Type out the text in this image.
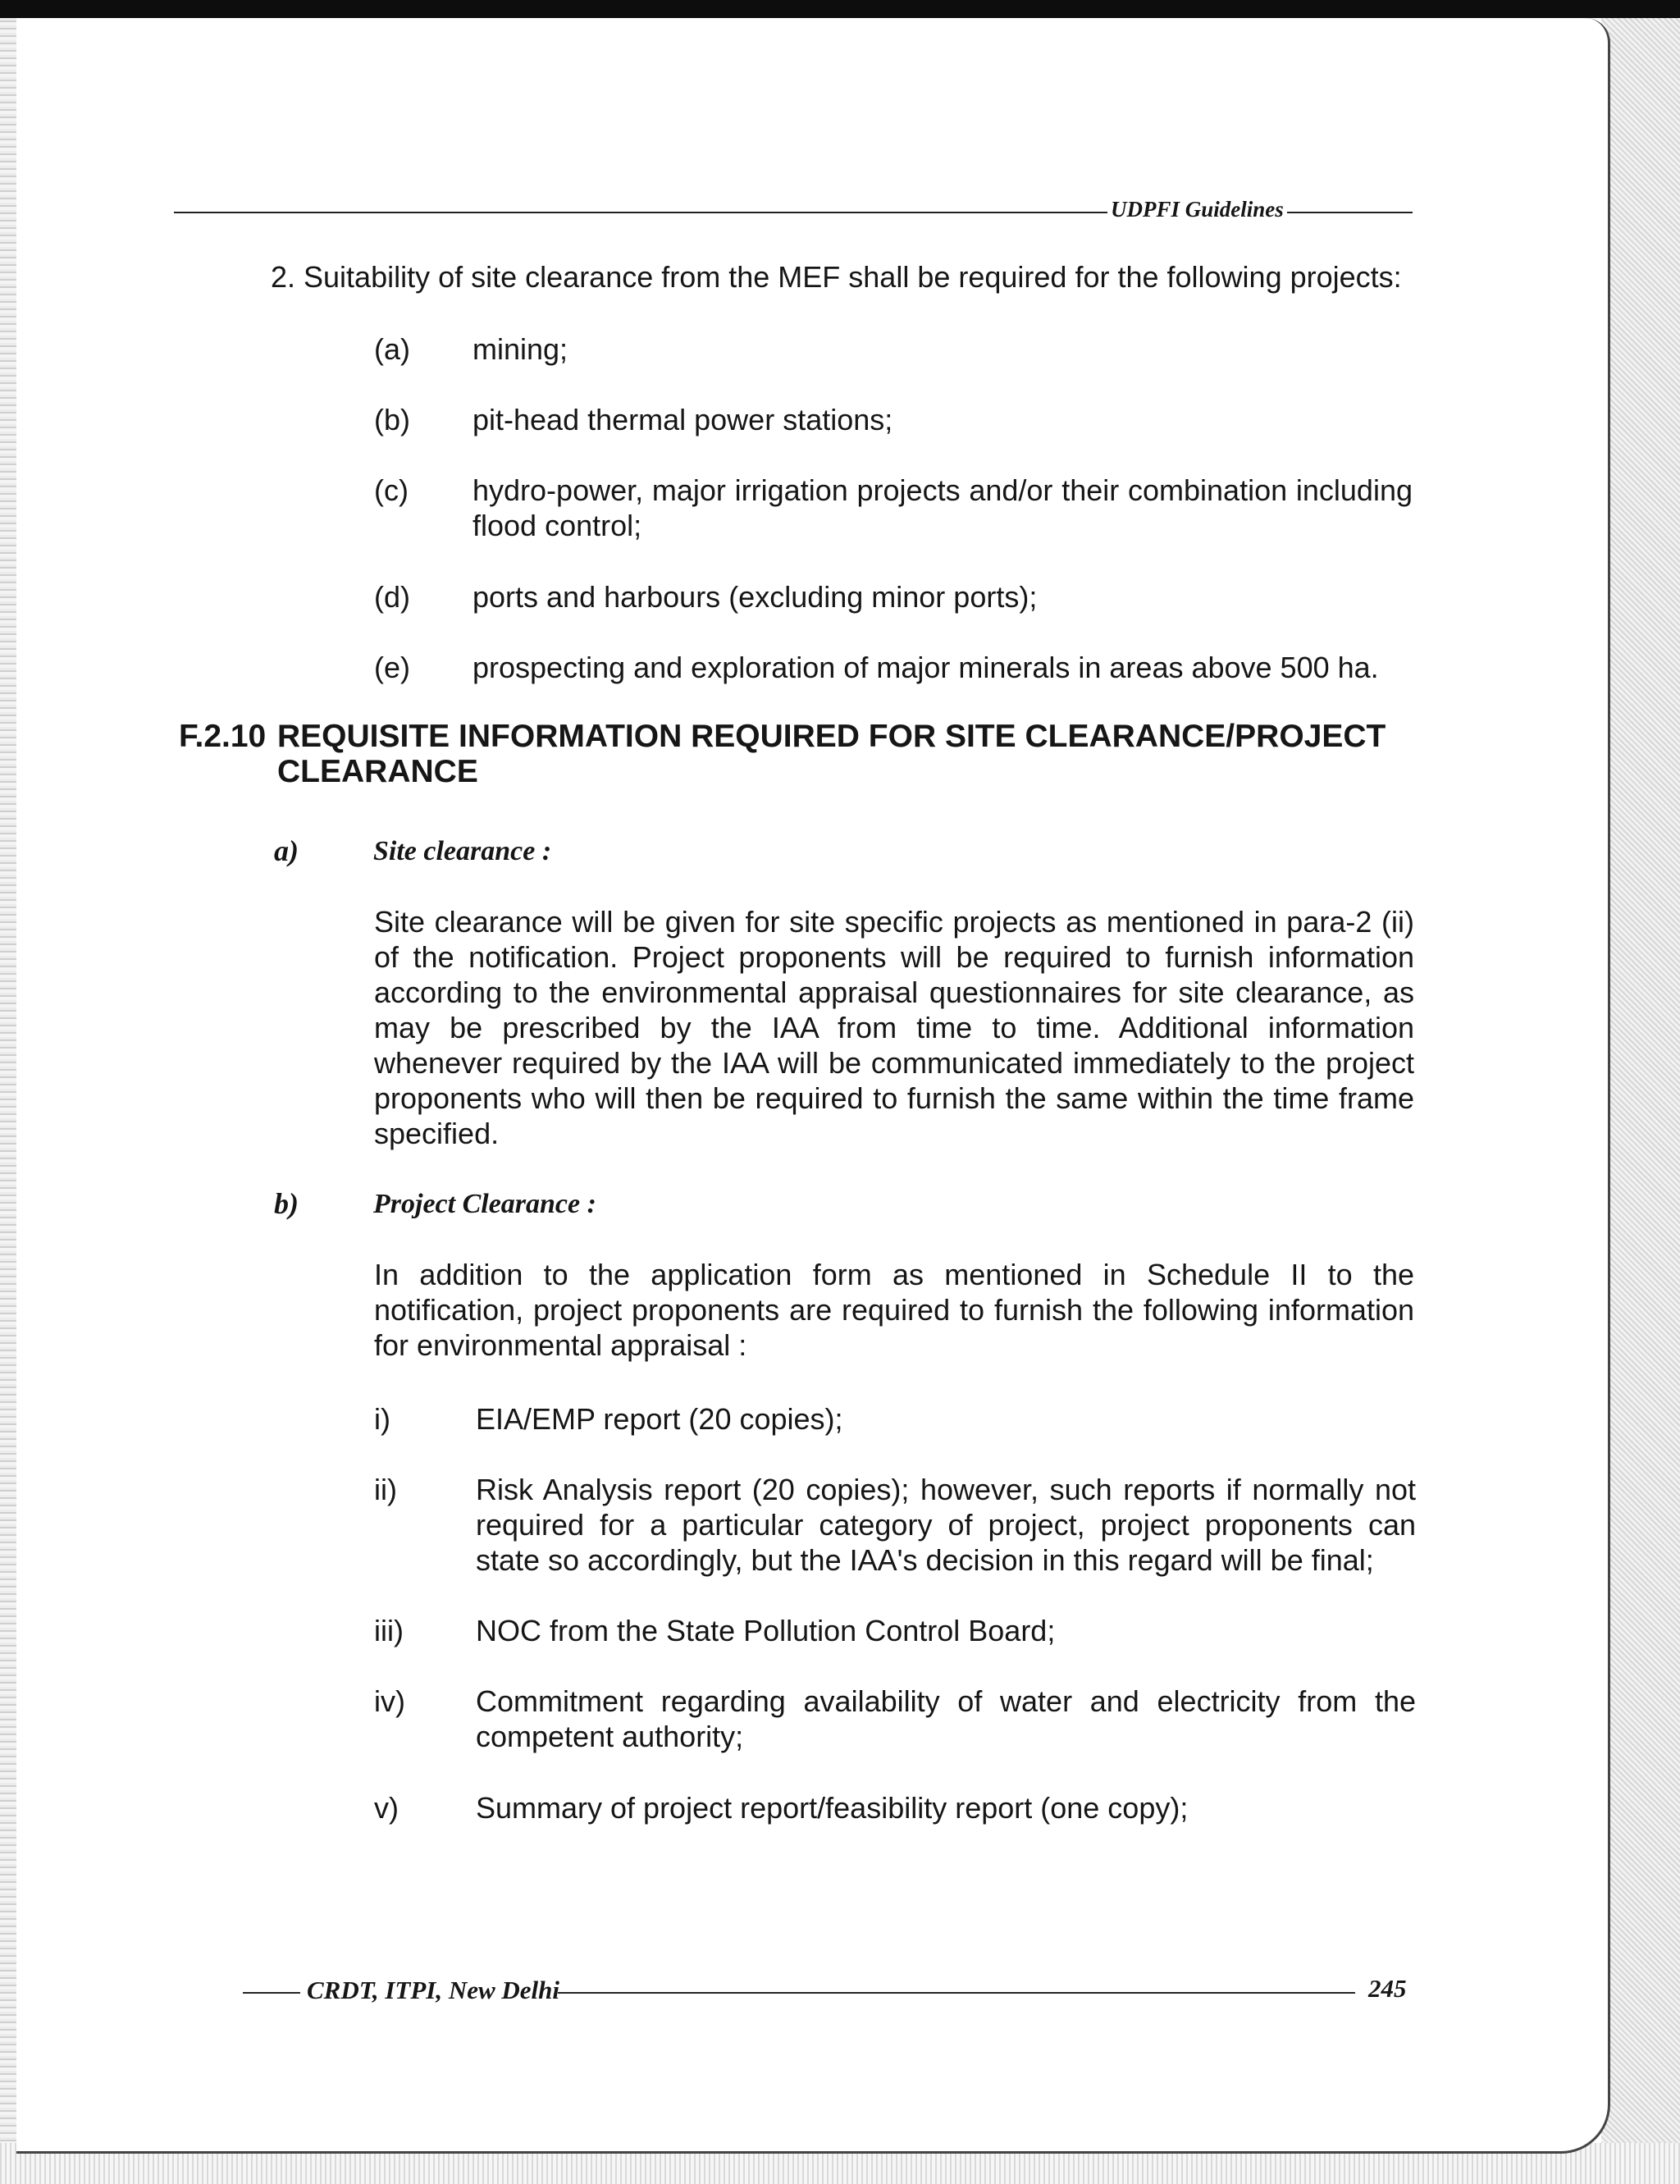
UDPFI Guidelines
2. Suitability of site clearance from the MEF shall be required for the following projects:
(a) mining;
(b) pit-head thermal power stations;
(c) hydro-power, major irrigation projects and/or their combination including flood control;
(d) ports and harbours (excluding minor ports);
(e) prospecting and exploration of major minerals in areas above 500 ha.
F.2.10 REQUISITE INFORMATION REQUIRED FOR SITE CLEARANCE/PROJECT
CLEARANCE
a)	Site clearance :
Site clearance will be given for site specific projects as mentioned in para-2 (ii) of the notification. Project proponents will be required to furnish information according to the environmental appraisal questionnaires for site clearance, as may be prescribed by the IAA from time to time. Additional information whenever required by the IAA will be communicated immediately to the project proponents who will then be required to furnish the same within the time frame specified.
b)	Project Clearance :
In addition to the application form as mentioned in Schedule II to the notification, project proponents are required to furnish the following information for environmental appraisal :
i)	EIA/EMP report (20 copies);
ii)	Risk Analysis report (20 copies); however, such reports if normally not required for a particular category of project, project proponents can state so accordingly, but the IAA's decision in this regard will be final;
iii) NOC from the State Pollution Control Board;
iv) Commitment regarding availability of water and electricity from the competent authority;
v)	Summary of project report/feasibility report (one copy);
CRDT, ITPI, New Delhi	245
